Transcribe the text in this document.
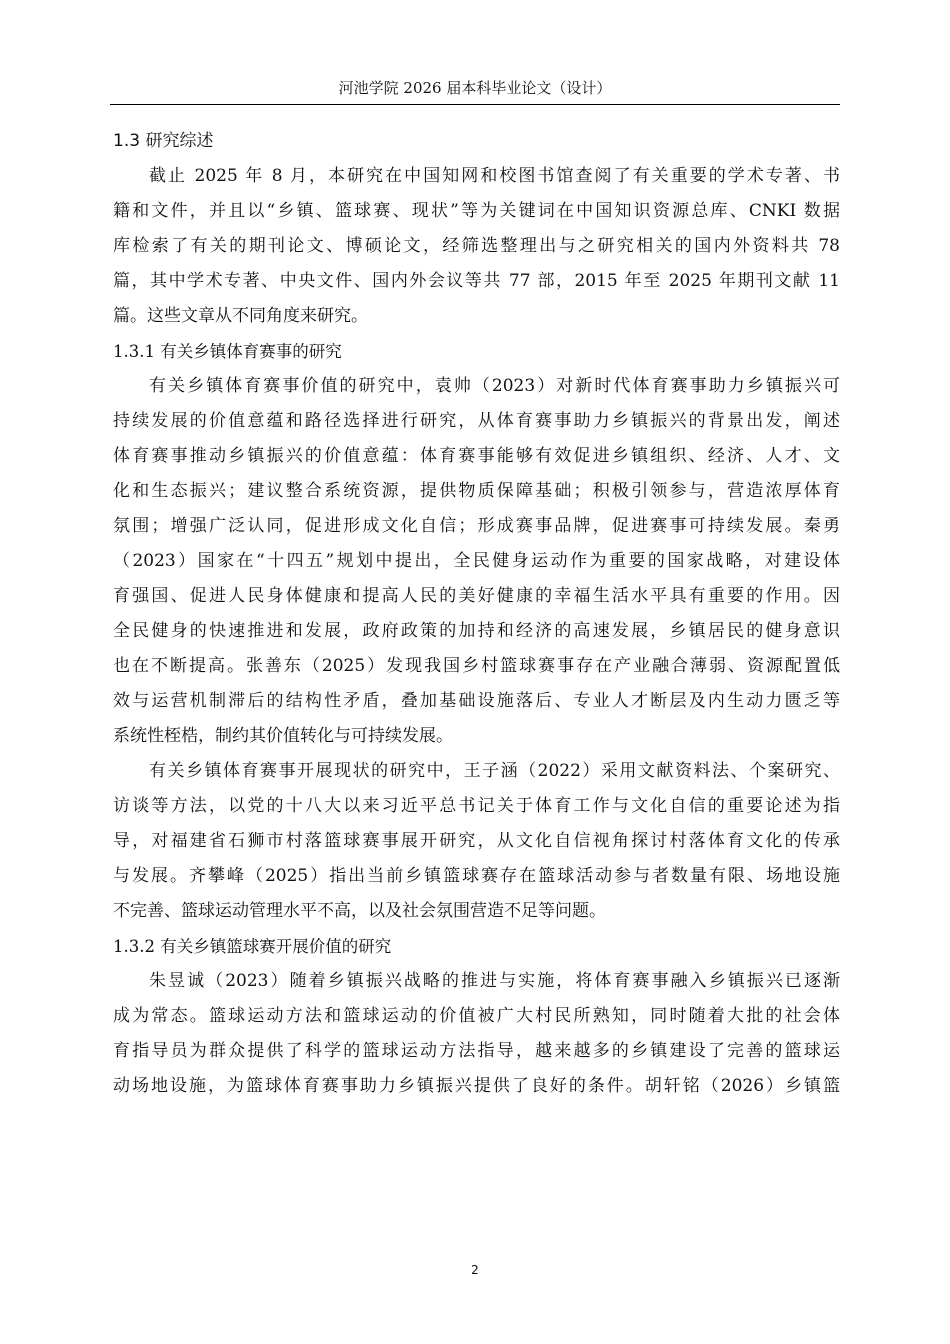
河池学院 2026 届本科毕业论文（设计）
1.3 研究综述
截止 2025 年 8 月，本研究在中国知网和校图书馆查阅了有关重要的学术专著、书
籍和文件，并且以“乡镇、篮球赛、现状”等为关键词在中国知识资源总库、CNKI 数据
库检索了有关的期刊论文、博硕论文，经筛选整理出与之研究相关的国内外资料共 78
篇，其中学术专著、中央文件、国内外会议等共 77 部，2015 年至 2025 年期刊文献 11
篇。这些文章从不同角度来研究。
1.3.1 有关乡镇体育赛事的研究
有关乡镇体育赛事价值的研究中，袁帅（2023）对新时代体育赛事助力乡镇振兴可
持续发展的价值意蕴和路径选择进行研究，从体育赛事助力乡镇振兴的背景出发，阐述
体育赛事推动乡镇振兴的价值意蕴：体育赛事能够有效促进乡镇组织、经济、人才、文
化和生态振兴；建议整合系统资源，提供物质保障基础；积极引领参与，营造浓厚体育
氛围；增强广泛认同，促进形成文化自信；形成赛事品牌，促进赛事可持续发展。秦勇
（2023）国家在“十四五”规划中提出，全民健身运动作为重要的国家战略，对建设体
育强国、促进人民身体健康和提高人民的美好健康的幸福生活水平具有重要的作用。因
全民健身的快速推进和发展，政府政策的加持和经济的高速发展，乡镇居民的健身意识
也在不断提高。张善东（2025）发现我国乡村篮球赛事存在产业融合薄弱、资源配置低
效与运营机制滞后的结构性矛盾，叠加基础设施落后、专业人才断层及内生动力匮乏等
系统性桎梏，制约其价值转化与可持续发展。
有关乡镇体育赛事开展现状的研究中，王子涵（2022）采用文献资料法、个案研究、
访谈等方法，以党的十八大以来习近平总书记关于体育工作与文化自信的重要论述为指
导，对福建省石狮市村落篮球赛事展开研究，从文化自信视角探讨村落体育文化的传承
与发展。齐攀峰（2025）指出当前乡镇篮球赛存在篮球活动参与者数量有限、场地设施
不完善、篮球运动管理水平不高，以及社会氛围营造不足等问题。
1.3.2 有关乡镇篮球赛开展价值的研究
朱昱诚（2023）随着乡镇振兴战略的推进与实施，将体育赛事融入乡镇振兴已逐渐
成为常态。篮球运动方法和篮球运动的价值被广大村民所熟知，同时随着大批的社会体
育指导员为群众提供了科学的篮球运动方法指导，越来越多的乡镇建设了完善的篮球运
动场地设施，为篮球体育赛事助力乡镇振兴提供了良好的条件。胡轩铭（2026）乡镇篮
2
